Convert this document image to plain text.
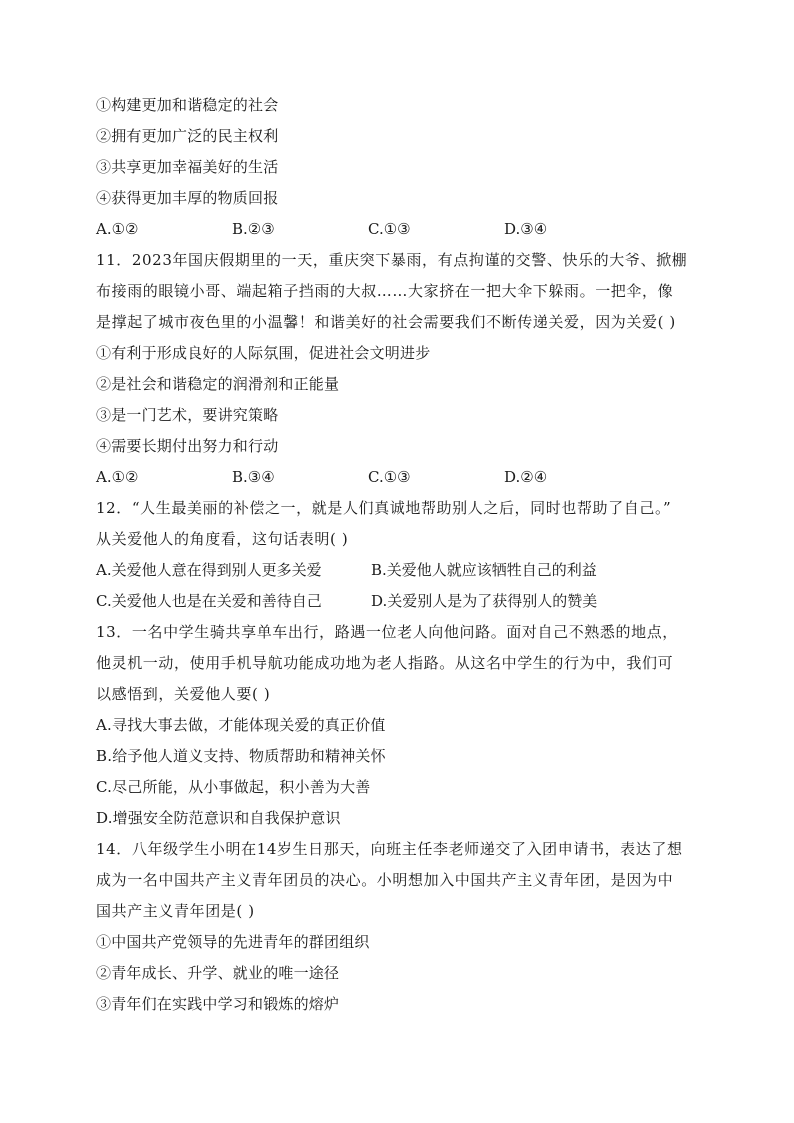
①构建更加和谐稳定的社会
②拥有更加广泛的民主权利
③共享更加幸福美好的生活
④获得更加丰厚的物质回报
A.①②	B.②③	C.①③	D.③④
11．2023年国庆假期里的一天，重庆突下暴雨，有点拘谨的交警、快乐的大爷、掀棚
布接雨的眼镜小哥、端起箱子挡雨的大叔……大家挤在一把大伞下躲雨。一把伞，像
是撑起了城市夜色里的小温馨！和谐美好的社会需要我们不断传递关爱，因为关爱( )
①有利于形成良好的人际氛围，促进社会文明进步
②是社会和谐稳定的润滑剂和正能量
③是一门艺术，要讲究策略
④需要长期付出努力和行动
A.①②	B.③④	C.①③	D.②④
12．“人生最美丽的补偿之一，就是人们真诚地帮助别人之后，同时也帮助了自己。”
从关爱他人的角度看，这句话表明( )
A.关爱他人意在得到别人更多关爱	B.关爱他人就应该牺牲自己的利益
C.关爱他人也是在关爱和善待自己	D.关爱别人是为了获得别人的赞美
13．一名中学生骑共享单车出行，路遇一位老人向他问路。面对自己不熟悉的地点，
他灵机一动，使用手机导航功能成功地为老人指路。从这名中学生的行为中，我们可
以感悟到，关爱他人要( )
A.寻找大事去做，才能体现关爱的真正价值
B.给予他人道义支持、物质帮助和精神关怀
C.尽己所能，从小事做起，积小善为大善
D.增强安全防范意识和自我保护意识
14．八年级学生小明在14岁生日那天，向班主任李老师递交了入团申请书，表达了想
成为一名中国共产主义青年团员的决心。小明想加入中国共产主义青年团，是因为中
国共产主义青年团是( )
①中国共产党领导的先进青年的群团组织
②青年成长、升学、就业的唯一途径
③青年们在实践中学习和锻炼的熔炉
